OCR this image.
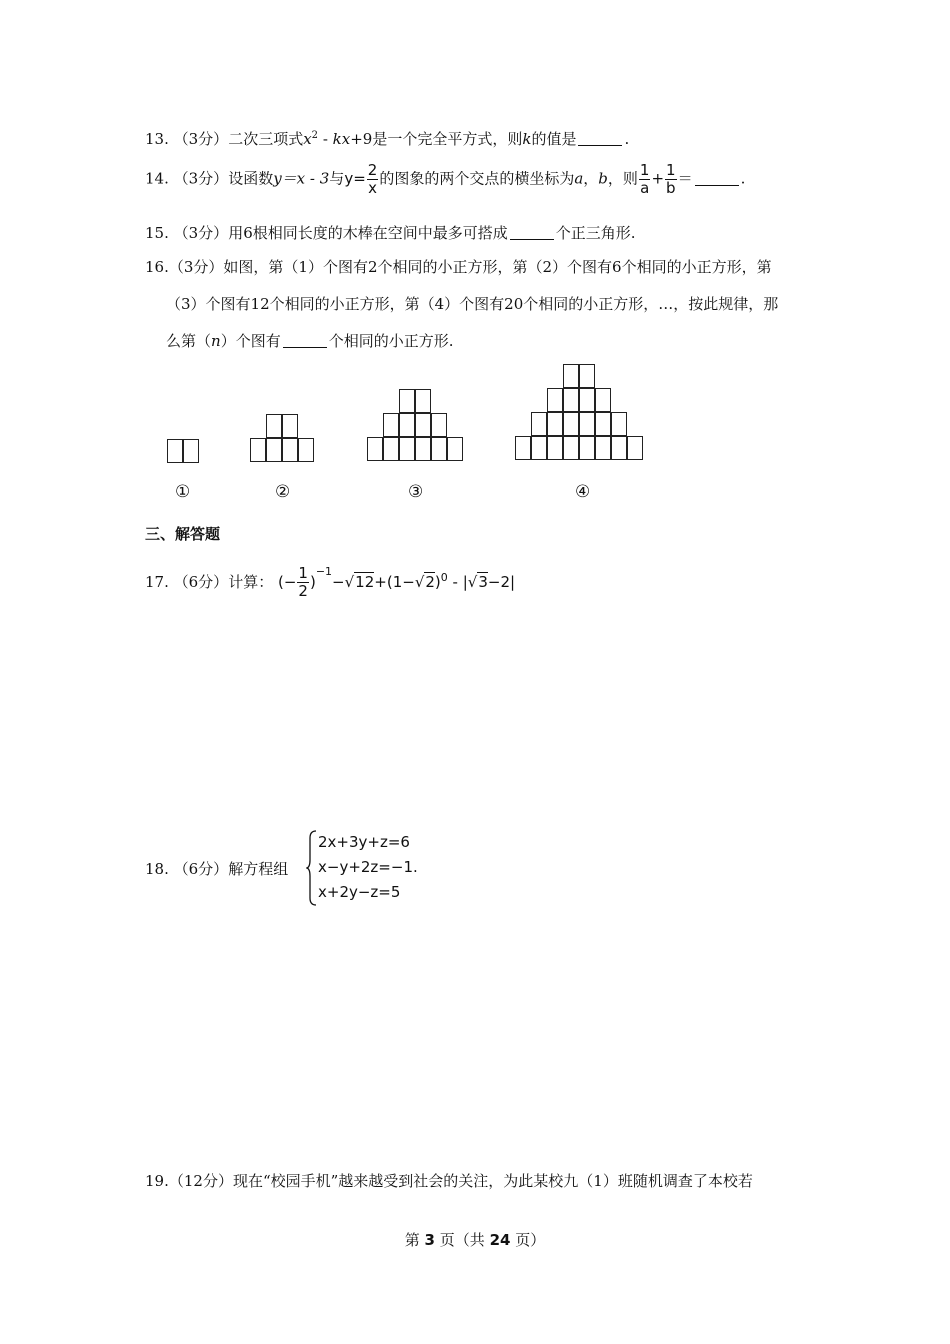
13. （3分）二次三项式$x^2 - kx+9$是一个完全平方式，则k的值是	.
14. （3分）设函数y＝x - 3与$y= \frac{2}{x}$ 的图象的两个交点的横坐标为a，b，则 $\frac{1}{a} + \frac{1}{b}$ ＝	.
15. （3分）用6根相同长度的木棒在空间中最多可搭成	个正三角形.
16.（3分）如图，第（1）个图有2个相同的小正方形，第（2）个图有6个相同的小正方形，第
（3）个图有12个相同的小正方形，第（4）个图有20个相同的小正方形，…，按此规律，那
么第（n）个图有	个相同的小正方形.
①	②	③	④
三、解答题
17. （6分）计算： (− $\frac{1}{2} )^{-1}-√12+(1-√2)^0 - |√3-2|$
18. （6分）解方程组
2x+3y+z=6
x−y+2z=−1.
x+2y−z=5
19.（12分）现在“校园手机”越来越受到社会的关注，为此某校九（1）班随机调查了本校若
第 3 页（共 24 页）
